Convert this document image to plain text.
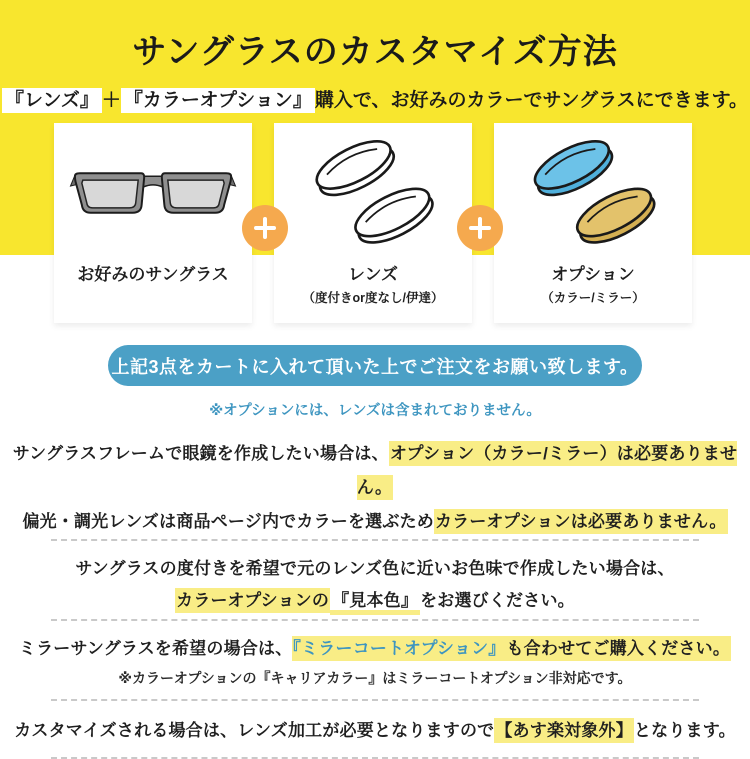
サングラスのカスタマイズ方法
『レンズ』 ＋ 『カラーオプション』 購入で、お好みのカラーでサングラスにできます。
お好みのサングラス	レンズ
（度付きor度なし/伊達）
オプション
（カラー/ミラー）
上記3点をカートに入れて頂いた上でご注文をお願い致します。
※オプションには、レンズは含まれておりません。
サングラスフレームで眼鏡を作成したい場合は、オプション（カラー/ミラー）は必要ありません。
偏光・調光レンズは商品ページ内でカラーを選ぶためカラーオプションは必要ありません。
サングラスの度付きを希望で元のレンズ色に近いお色味で作成したい場合は、
カラーオプションの 『見本色』 をお選びください。
ミラーサングラスを希望の場合は、『ミラーコートオプション』も合わせてご購入ください。
※カラーオプションの『キャリアカラー』はミラーコートオプション非対応です。
カスタマイズされる場合は、レンズ加工が必要となりますので【あす楽対象外】となります。
